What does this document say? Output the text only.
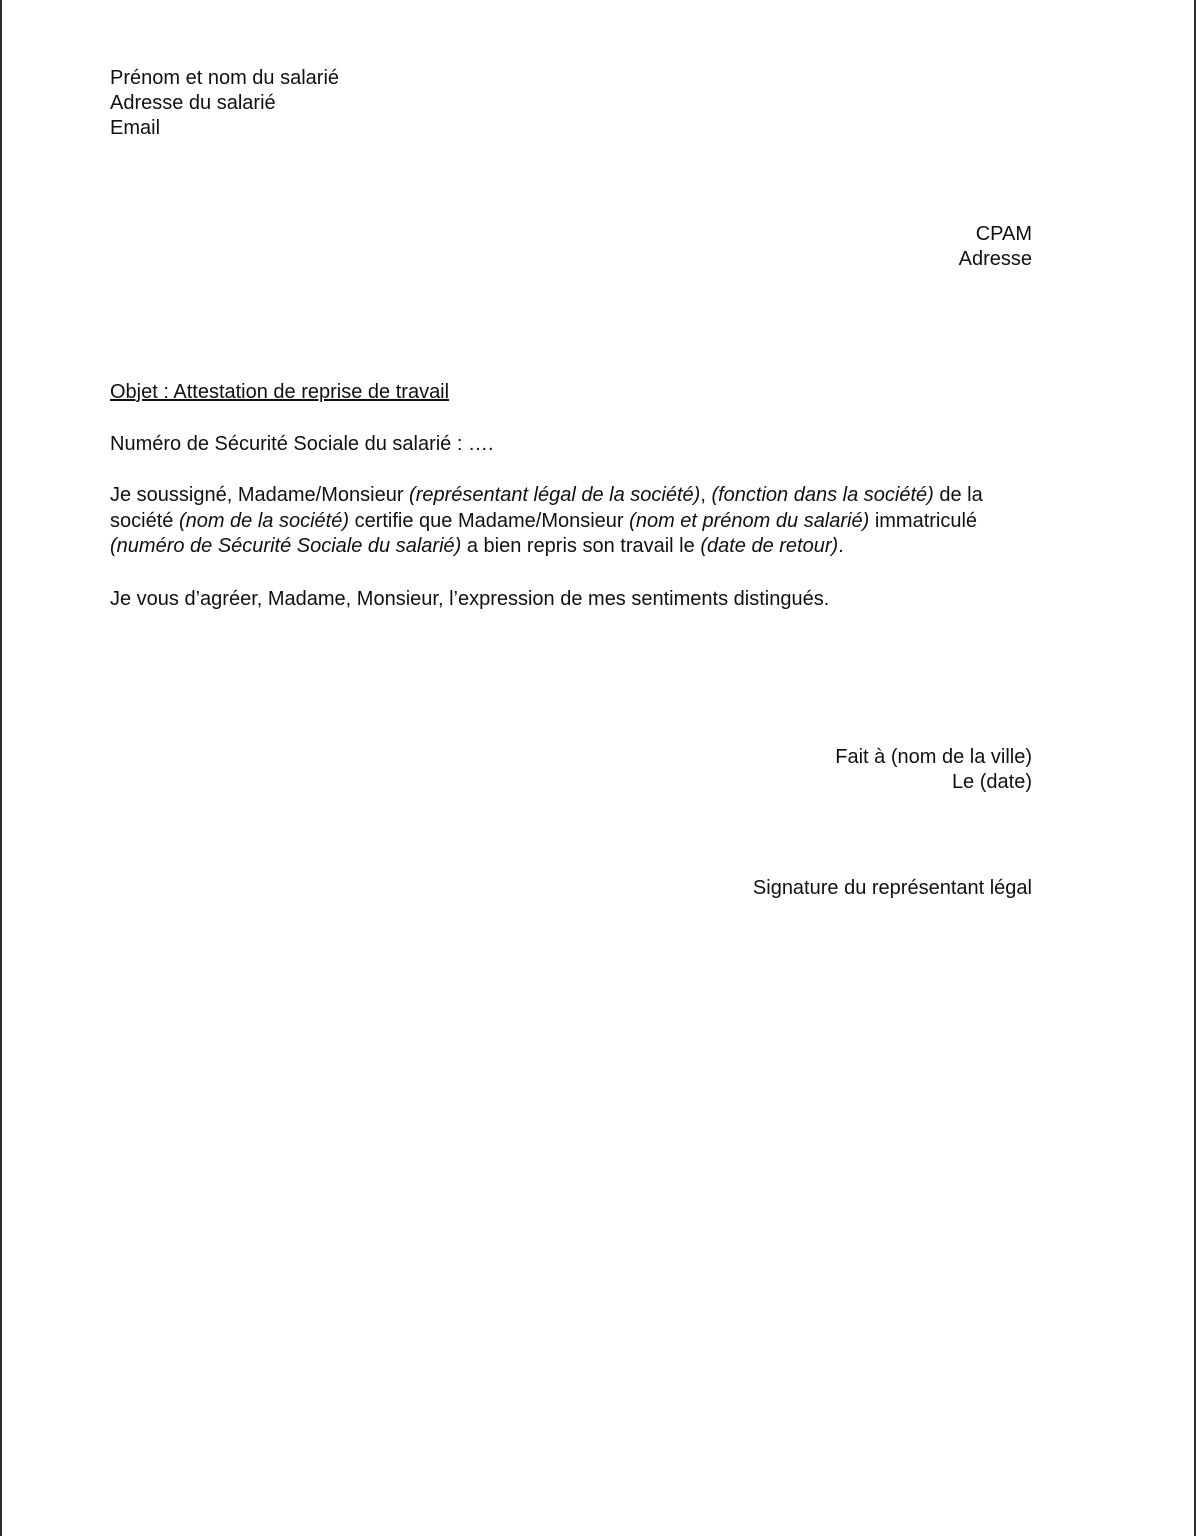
Prénom et nom du salarié
Adresse du salarié
Email
CPAM
Adresse
Objet : Attestation de reprise de travail
Numéro de Sécurité Sociale du salarié : ….
Je soussigné, Madame/Monsieur (représentant légal de la société), (fonction dans la société) de la société (nom de la société) certifie que Madame/Monsieur (nom et prénom du salarié) immatriculé (numéro de Sécurité Sociale du salarié) a bien repris son travail le (date de retour).
Je vous d’agréer, Madame, Monsieur, l’expression de mes sentiments distingués.
Fait à (nom de la ville)
Le (date)
Signature du représentant légal
